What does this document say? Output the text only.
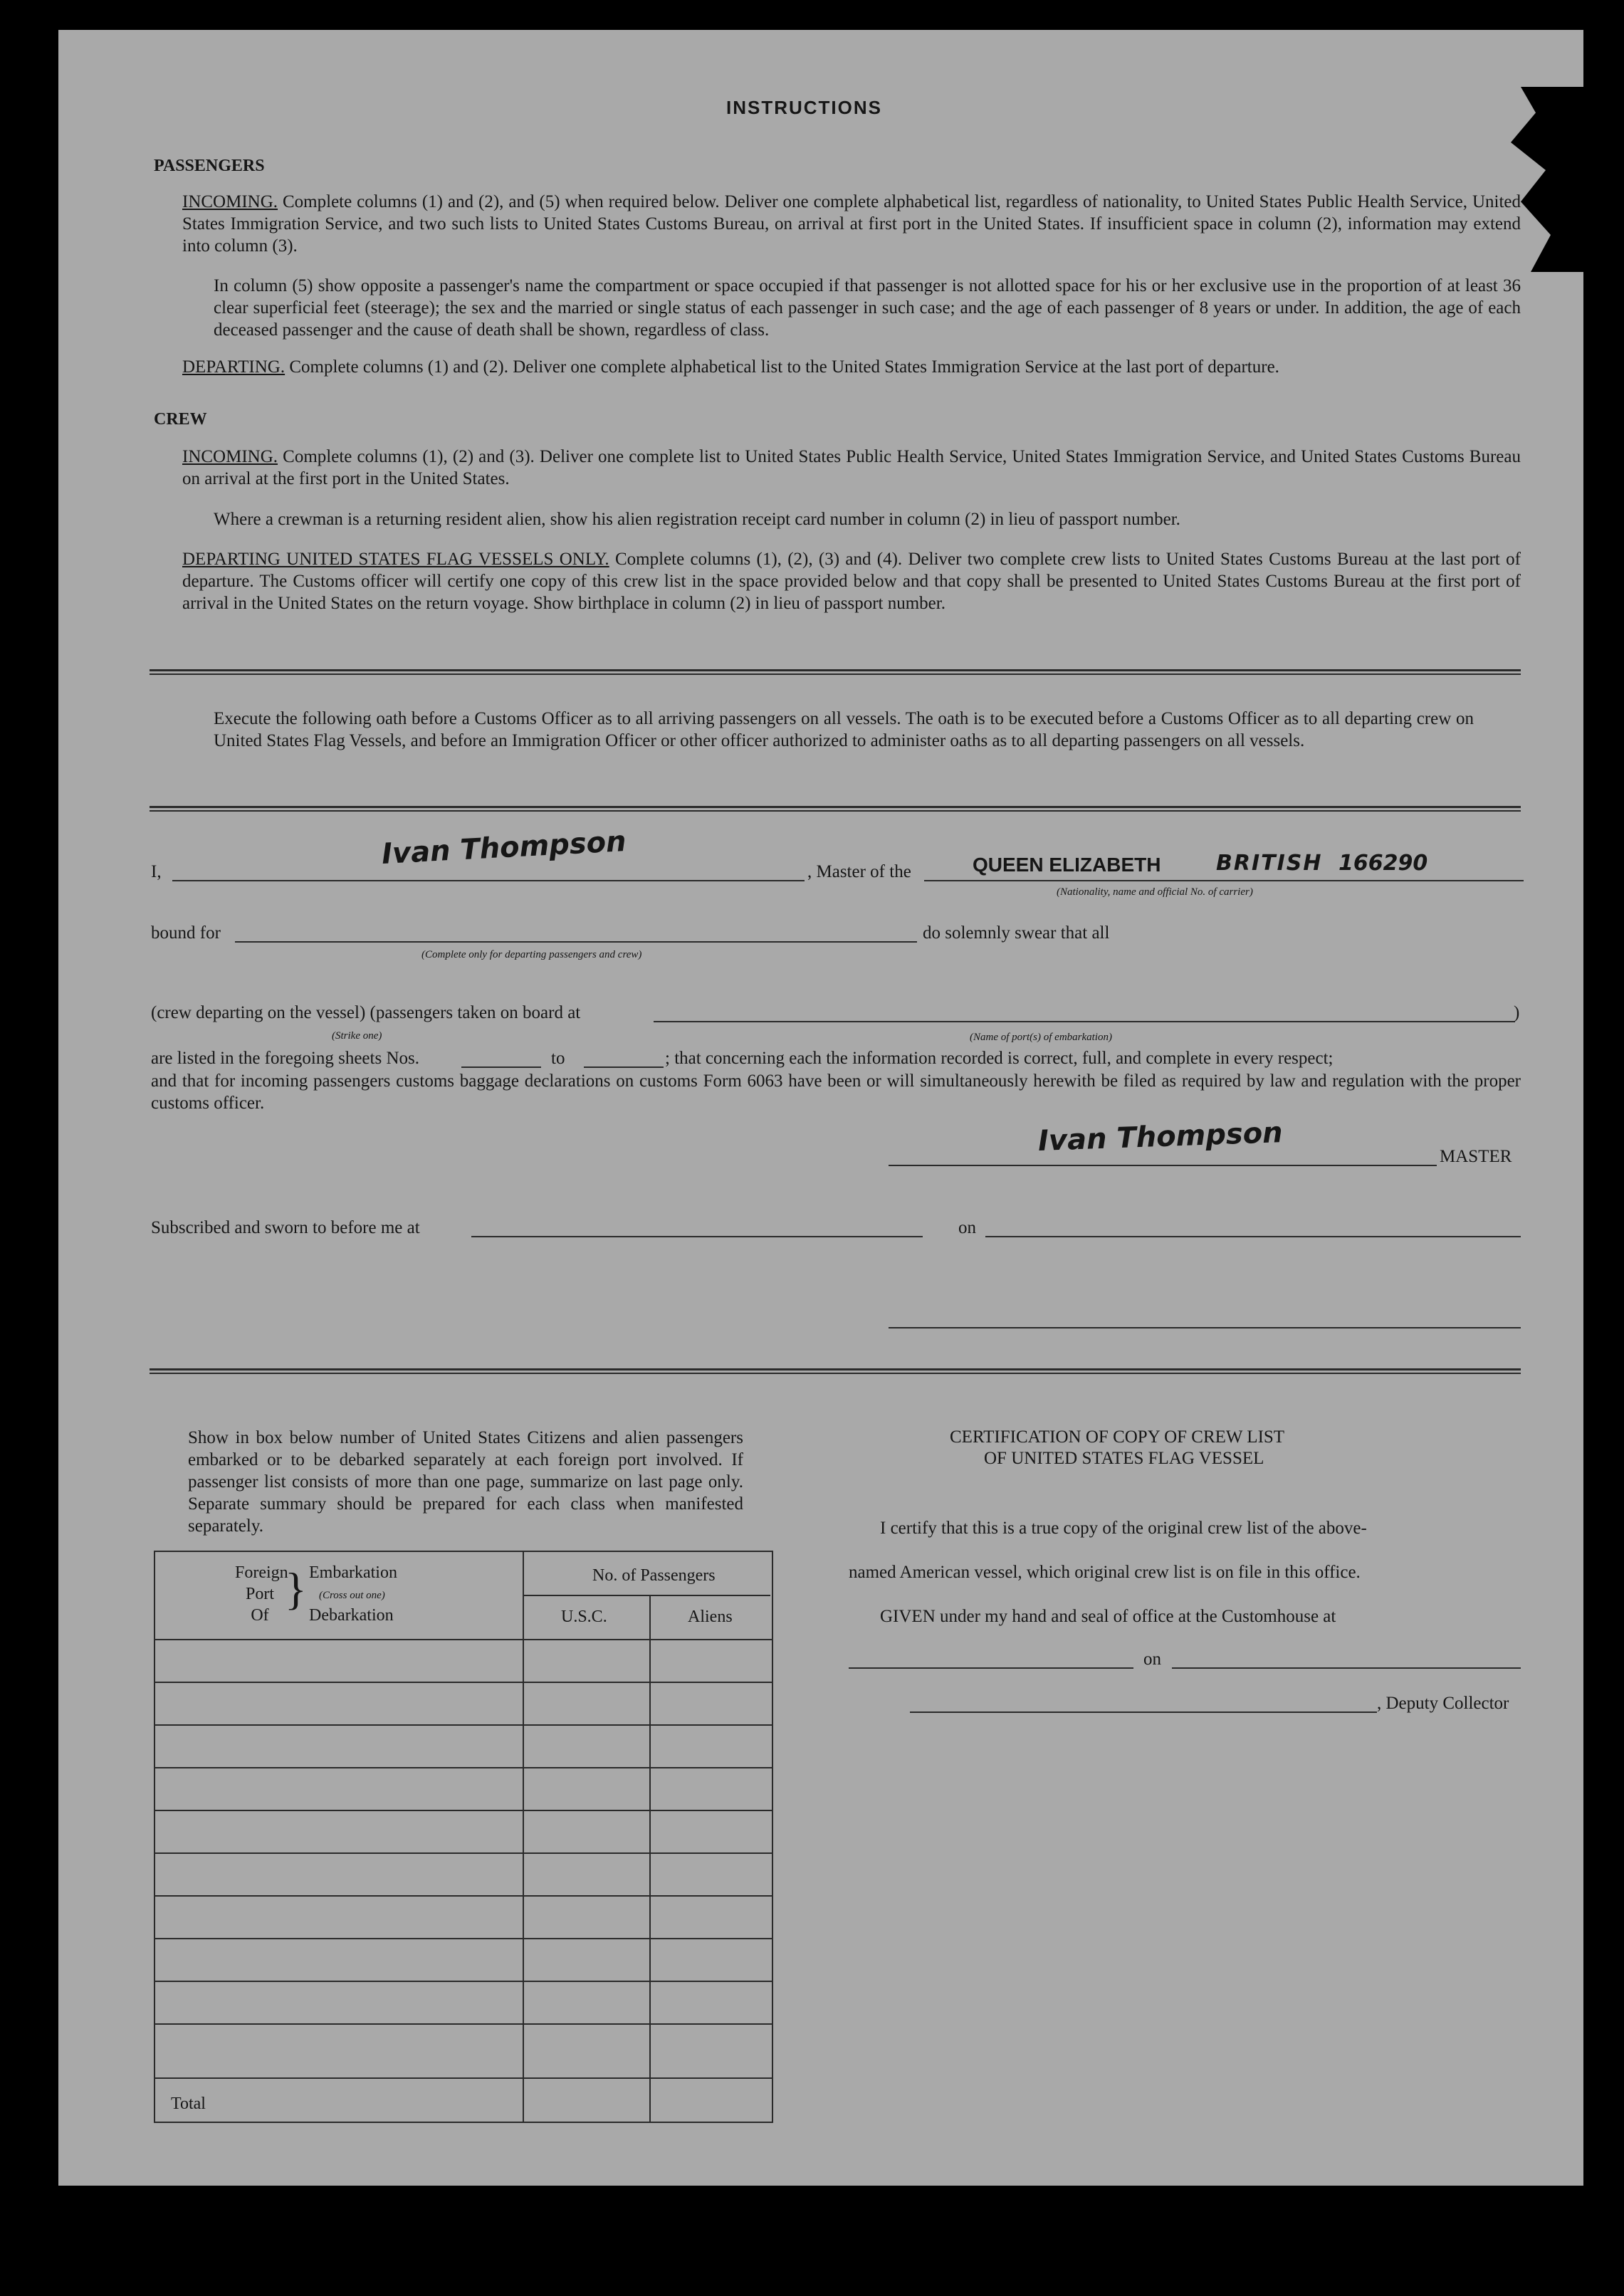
INSTRUCTIONS
PASSENGERS
INCOMING. Complete columns (1) and (2), and (5) when required below. Deliver one complete alphabetical list, regardless of nationality, to United States Public Health Service, United States Immigration Service, and two such lists to United States Customs Bureau, on arrival at first port in the United States. If insufficient space in column (2), information may extend into column (3).
In column (5) show opposite a passenger's name the compartment or space occupied if that passenger is not allotted space for his or her exclusive use in the proportion of at least 36 clear superficial feet (steerage); the sex and the married or single status of each passenger in such case; and the age of each passenger of 8 years or under. In addition, the age of each deceased passenger and the cause of death shall be shown, regardless of class.
DEPARTING. Complete columns (1) and (2). Deliver one complete alphabetical list to the United States Immigration Service at the last port of departure.
CREW
INCOMING. Complete columns (1), (2) and (3). Deliver one complete list to United States Public Health Service, United States Immigration Service, and United States Customs Bureau on arrival at the first port in the United States.
Where a crewman is a returning resident alien, show his alien registration receipt card number in column (2) in lieu of passport number.
DEPARTING UNITED STATES FLAG VESSELS ONLY. Complete columns (1), (2), (3) and (4). Deliver two complete crew lists to United States Customs Bureau at the last port of departure. The Customs officer will certify one copy of this crew list in the space provided below and that copy shall be presented to United States Customs Bureau at the first port of arrival in the United States on the return voyage. Show birthplace in column (2) in lieu of passport number.
Execute the following oath before a Customs Officer as to all arriving passengers on all vessels. The oath is to be executed before a Customs Officer as to all departing crew on United States Flag Vessels, and before an Immigration Officer or other officer authorized to administer oaths as to all departing passengers on all vessels.
I,
Ivan Thompson
, Master of the	QUEEN ELIZABETH	BRITISH 166290
(Nationality, name and official No. of carrier)
bound for
(Complete only for departing passengers and crew)
do solemnly swear that all
(crew departing on the vessel) (passengers taken on board at
(Strike one)	(Name of port(s) of embarkation)
)
are listed in the foregoing sheets Nos.	to	; that concerning each the information recorded is correct, full, and complete in every respect;
and that for incoming passengers customs baggage declarations on customs Form 6063 have been or will simultaneously herewith be filed as required by law and regulation with the proper customs officer.
Ivan Thompson	MASTER
Subscribed and sworn to before me at	on
Show in box below number of United States Citizens and alien passengers embarked or to be debarked separately at each foreign port involved. If passenger list consists of more than one page, summarize on last page only. Separate summary should be prepared for each class when manifested separately.
Foreign
Port
Of
} Embarkation
(Cross out one)
Debarkation
No. of Passengers
U.S.C.	Aliens
Total
CERTIFICATION OF COPY OF CREW LIST
OF UNITED STATES FLAG VESSEL
I certify that this is a true copy of the original crew list of the above-
named American vessel, which original crew list is on file in this office.
GIVEN under my hand and seal of office at the Customhouse at
on
, Deputy Collector
